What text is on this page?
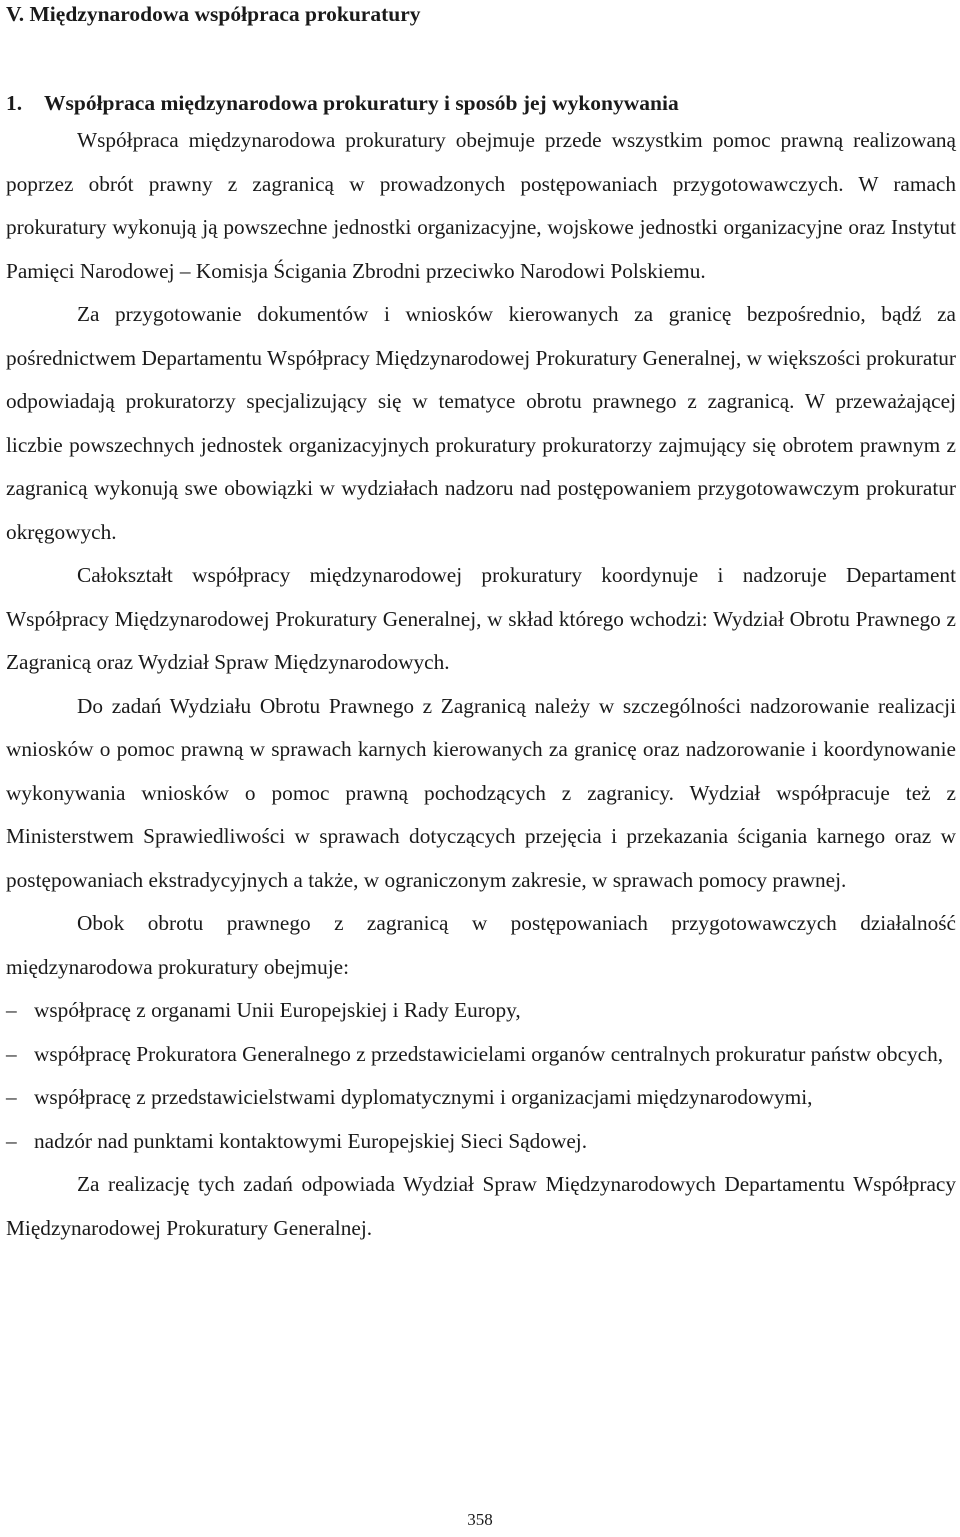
V. Międzynarodowa współpraca prokuratury
1. Współpraca międzynarodowa prokuratury i sposób jej wykonywania

Współpraca międzynarodowa prokuratury obejmuje przede wszystkim pomoc prawną realizowaną poprzez obrót prawny z zagranicą w prowadzonych postępowaniach przygotowawczych. W ramach prokuratury wykonują ją powszechne jednostki organizacyjne, wojskowe jednostki organizacyjne oraz Instytut Pamięci Narodowej – Komisja Ścigania Zbrodni przeciwko Narodowi Polskiemu.

Za przygotowanie dokumentów i wniosków kierowanych za granicę bezpośrednio, bądź za pośrednictwem Departamentu Współpracy Międzynarodowej Prokuratury Generalnej, w większości prokuratur odpowiadają prokuratorzy specjalizujący się w tematyce obrotu prawnego z zagranicą. W przeważającej liczbie powszechnych jednostek organizacyjnych prokuratury prokuratorzy zajmujący się obrotem prawnym z zagranicą wykonują swe obowiązki w wydziałach nadzoru nad postępowaniem przygotowawczym prokuratur okręgowych.

Całokształt współpracy międzynarodowej prokuratury koordynuje i nadzoruje Departament Współpracy Międzynarodowej Prokuratury Generalnej, w skład którego wchodzi: Wydział Obrotu Prawnego z Zagranicą oraz Wydział Spraw Międzynarodowych.

Do zadań Wydziału Obrotu Prawnego z Zagranicą należy w szczególności nadzorowanie realizacji wniosków o pomoc prawną w sprawach karnych kierowanych za granicę oraz nadzorowanie i koordynowanie wykonywania wniosków o pomoc prawną pochodzących z zagranicy. Wydział współpracuje też z Ministerstwem Sprawiedliwości w sprawach dotyczących przejęcia i przekazania ścigania karnego oraz w postępowaniach ekstradycyjnych a także, w ograniczonym zakresie, w sprawach pomocy prawnej.

Obok obrotu prawnego z zagranicą w postępowaniach przygotowawczych działalność międzynarodowa prokuratury obejmuje:

– współpracę z organami Unii Europejskiej i Rady Europy,
– współpracę Prokuratora Generalnego z przedstawicielami organów centralnych prokuratur państw obcych,
– współpracę z przedstawicielstwami dyplomatycznymi i organizacjami międzynarodowymi,
– nadzór nad punktami kontaktowymi Europejskiej Sieci Sądowej.

Za realizację tych zadań odpowiada Wydział Spraw Międzynarodowych Departamentu Współpracy Międzynarodowej Prokuratury Generalnej.

358
